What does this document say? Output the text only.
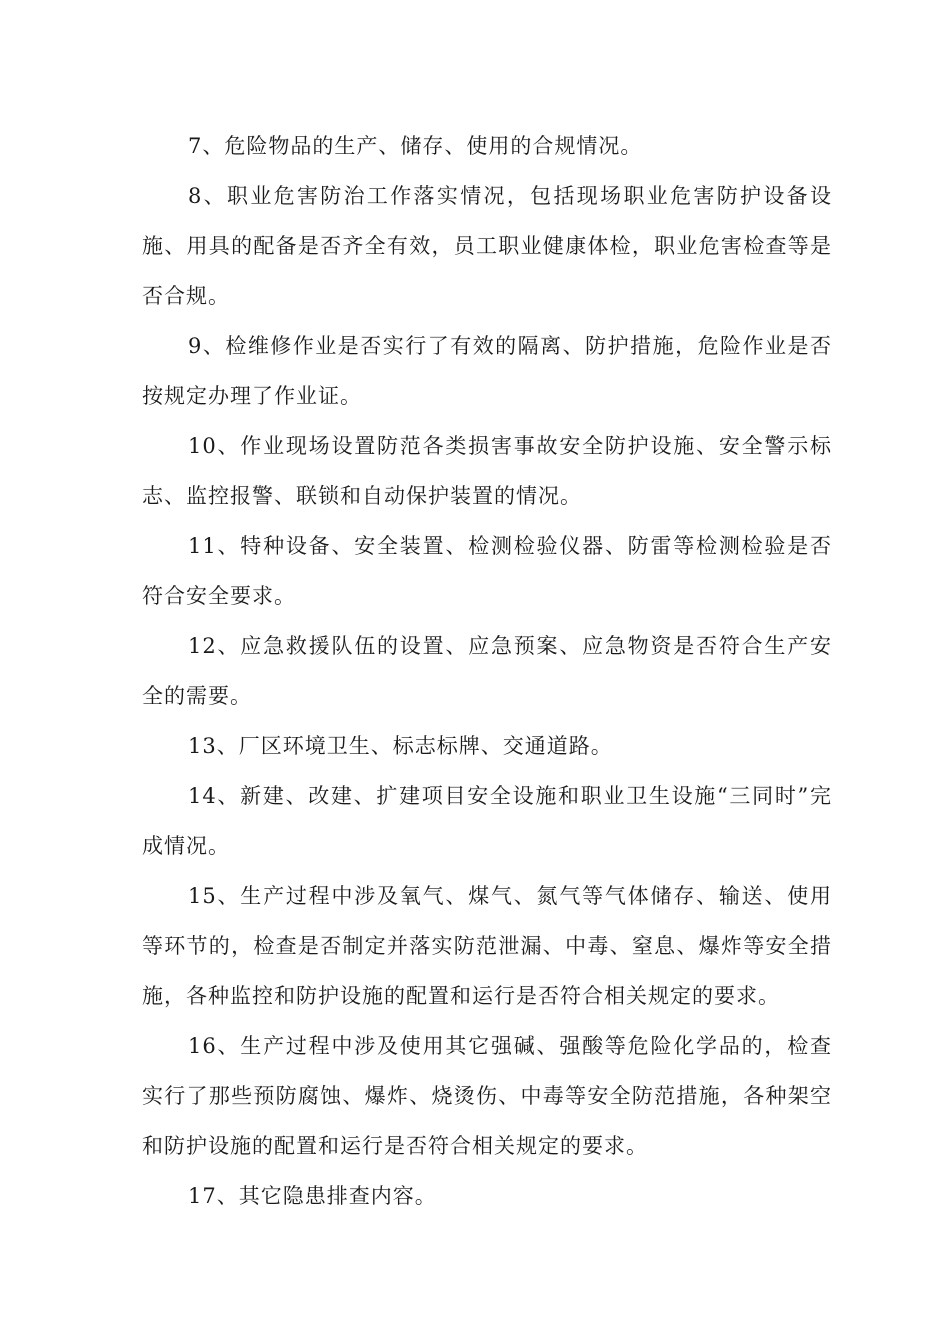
7、危险物品的生产、储存、使用的合规情况。

8、职业危害防治工作落实情况，包括现场职业危害防护设备设施、用具的配备是否齐全有效，员工职业健康体检，职业危害检查等是否合规。

9、检维修作业是否实行了有效的隔离、防护措施，危险作业是否按规定办理了作业证。

10、作业现场设置防范各类损害事故安全防护设施、安全警示标志、监控报警、联锁和自动保护装置的情况。

11、特种设备、安全装置、检测检验仪器、防雷等检测检验是否符合安全要求。

12、应急救援队伍的设置、应急预案、应急物资是否符合生产安全的需要。

13、厂区环境卫生、标志标牌、交通道路。

14、新建、改建、扩建项目安全设施和职业卫生设施“三同时”完成情况。

15、生产过程中涉及氧气、煤气、氮气等气体储存、输送、使用等环节的，检查是否制定并落实防范泄漏、中毒、窒息、爆炸等安全措施，各种监控和防护设施的配置和运行是否符合相关规定的要求。

16、生产过程中涉及使用其它强碱、强酸等危险化学品的，检查实行了那些预防腐蚀、爆炸、烧烫伤、中毒等安全防范措施，各种架空和防护设施的配置和运行是否符合相关规定的要求。

17、其它隐患排查内容。
